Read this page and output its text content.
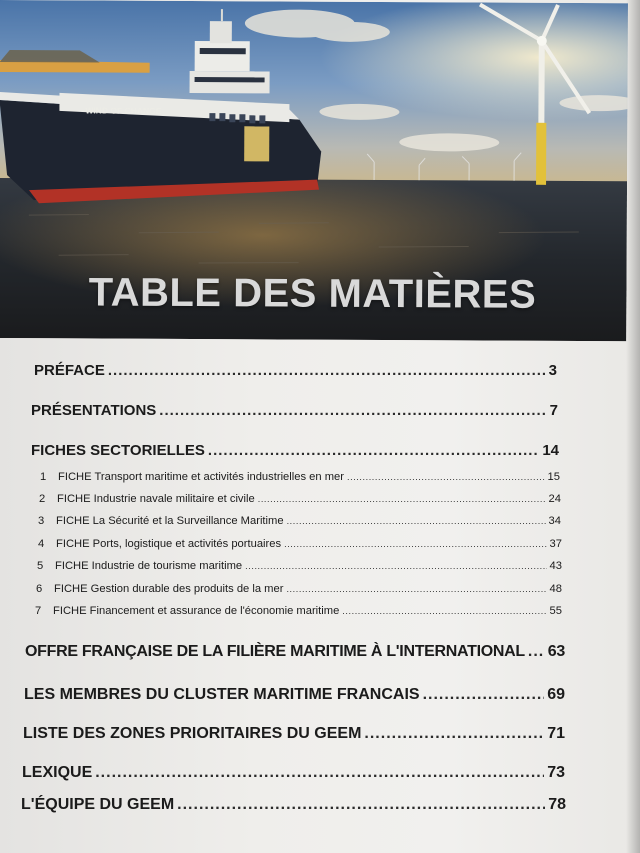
WIND OF CHANGE
TABLE DES MATIÈRES
PRÉFACE .....	3
PRÉSENTATIONS .....	7
FICHES SECTORIELLES .....	14
1	FICHE Transport maritime et activités industrielles en mer .....	15
2	FICHE Industrie navale militaire et civile .....	24
3	FICHE La Sécurité et la Surveillance Maritime .....	34
4	FICHE Ports, logistique et activités portuaires .....	37
5	FICHE Industrie de tourisme maritime .....	43
6	FICHE Gestion durable des produits de la mer .....	48
7	FICHE Financement et assurance de l'économie maritime .....	55
OFFRE FRANÇAISE DE LA FILIÈRE MARITIME À L'INTERNATIONAL ..... 63
LES MEMBRES DU CLUSTER MARITIME FRANCAIS .....	69
LISTE DES ZONES PRIORITAIRES DU GEEM .....	71
LEXIQUE .....	73
L'ÉQUIPE DU GEEM .....	78
